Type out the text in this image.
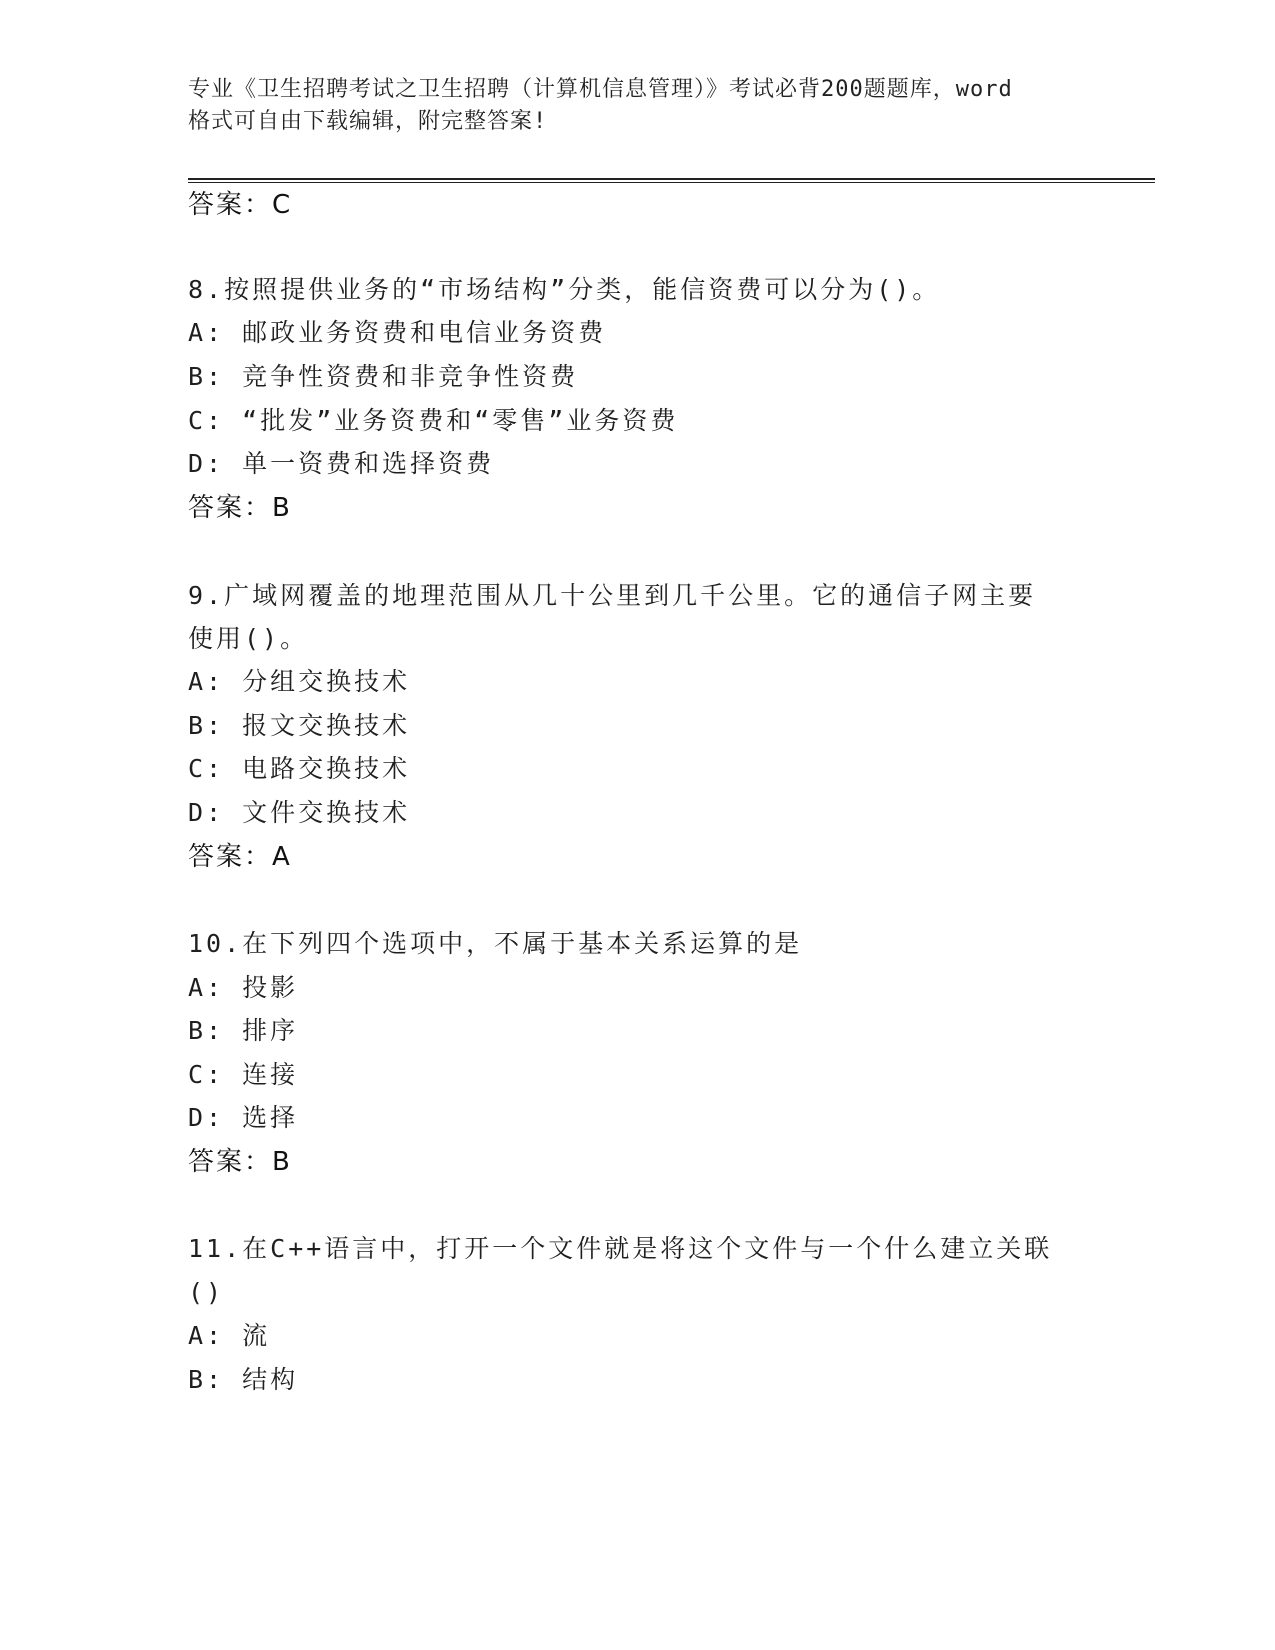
专业《卫生招聘考试之卫生招聘（计算机信息管理）》考试必背200题题库，word
格式可自由下载编辑，附完整答案!
答案：C
8.按照提供业务的“市场结构”分类，能信资费可以分为()。
A: 邮政业务资费和电信业务资费
B: 竞争性资费和非竞争性资费
C: “批发”业务资费和“零售”业务资费
D: 单一资费和选择资费
答案：B
9.广域网覆盖的地理范围从几十公里到几千公里。它的通信子网主要
使用()。
A: 分组交换技术
B: 报文交换技术
C: 电路交换技术
D: 文件交换技术
答案：A
10.在下列四个选项中，不属于基本关系运算的是
A: 投影
B: 排序
C: 连接
D: 选择
答案：B
11.在C++语言中，打开一个文件就是将这个文件与一个什么建立关联
()
A: 流
B: 结构
